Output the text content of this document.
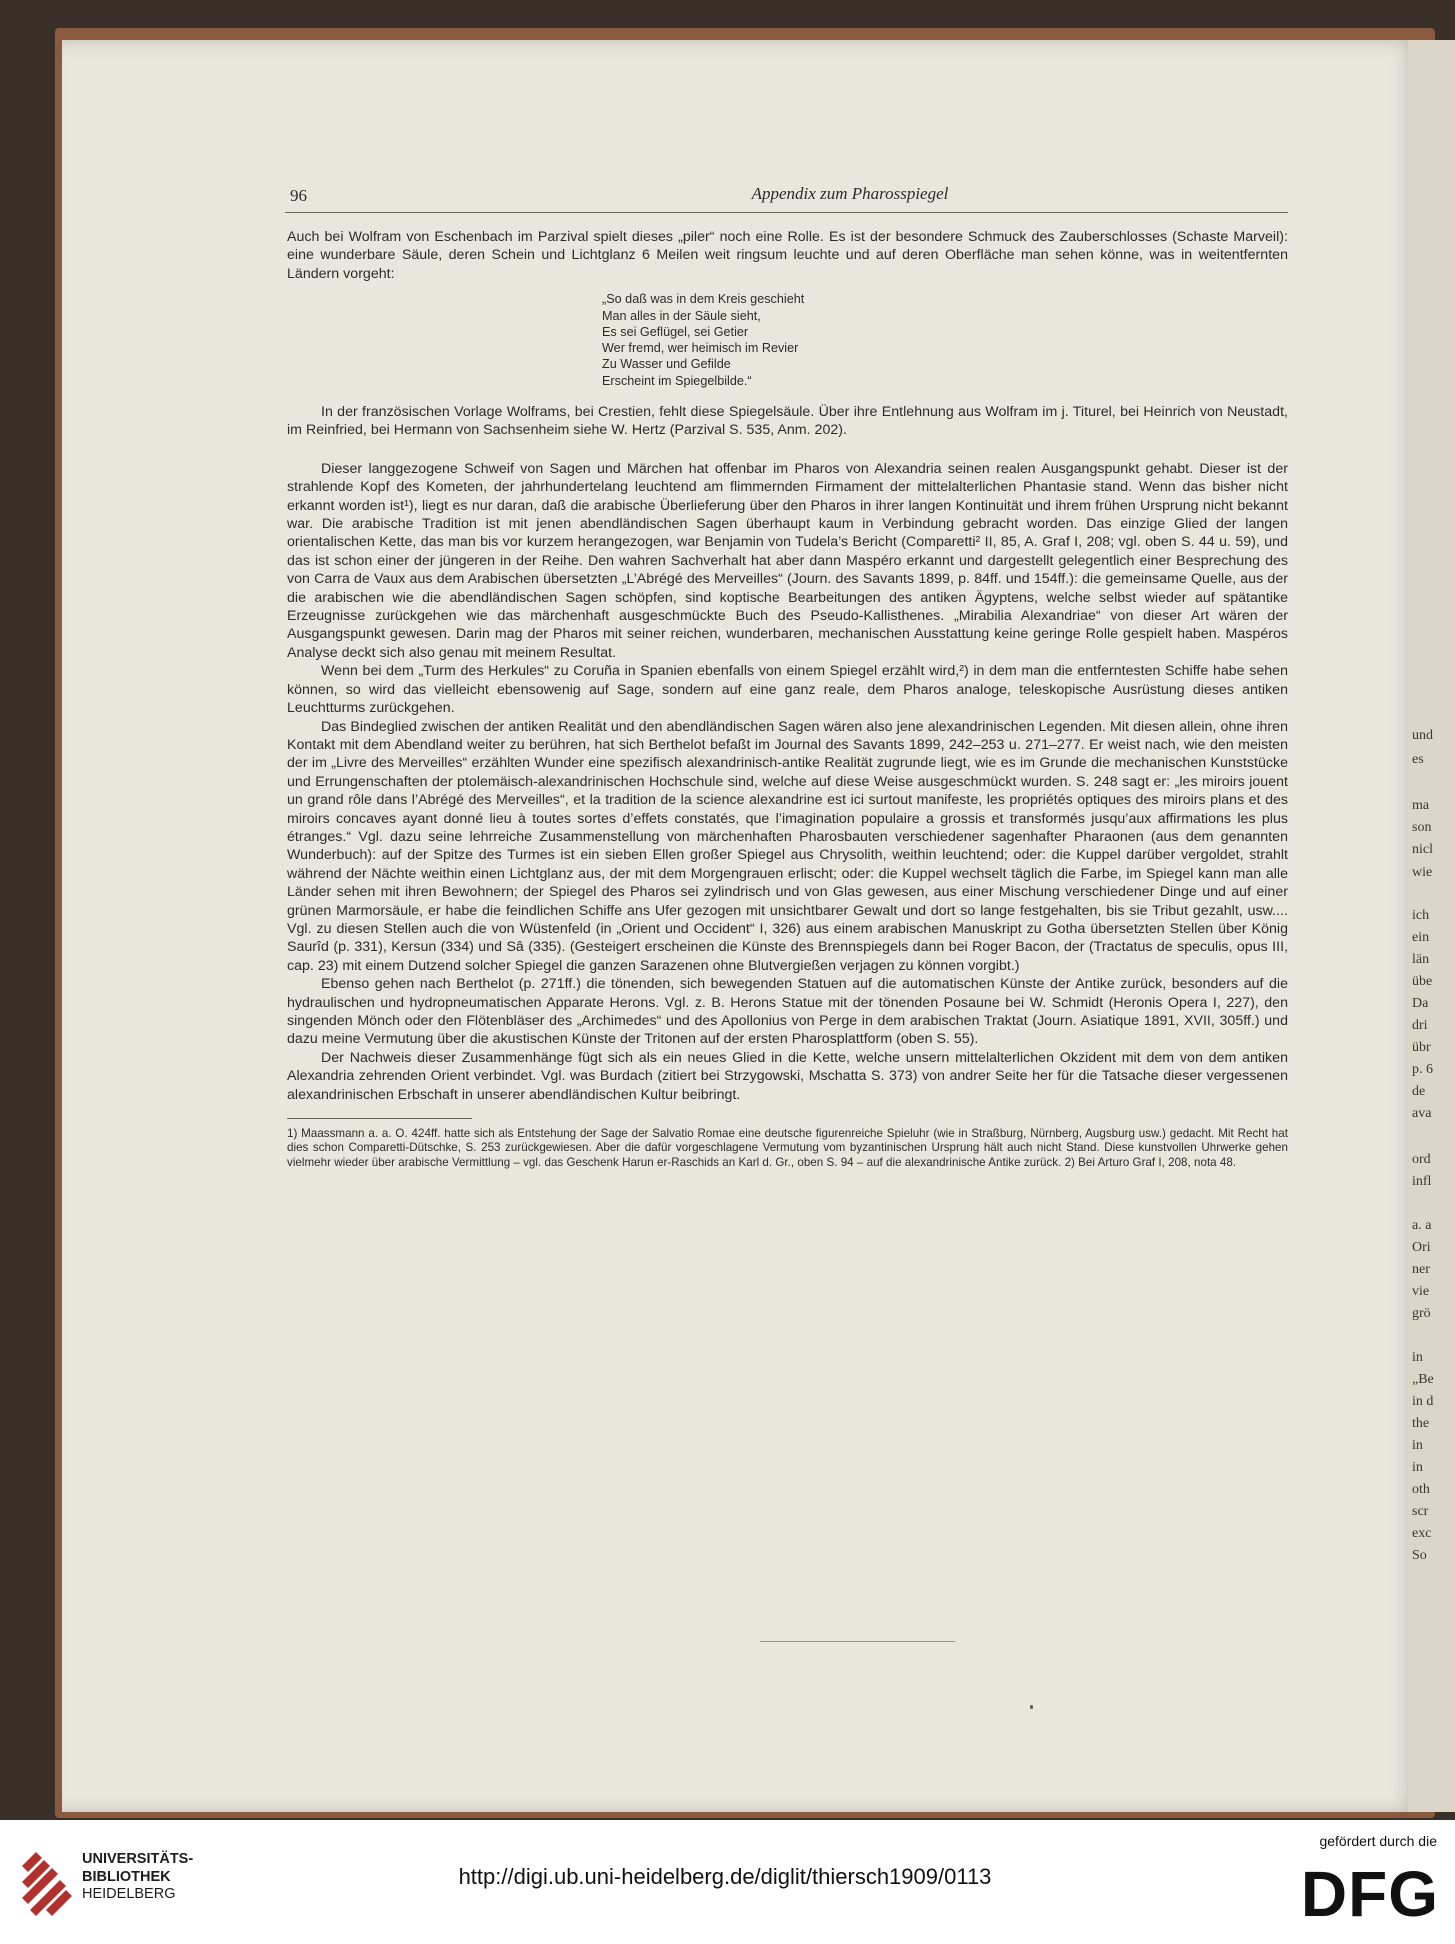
und
es
ma
son
nicl
wie
ich
ein
län
übe
Da
dri
übr
p. 6
de
ava
ord
infl
a. a
Ori
ner
vie
grö
in
„Be
in d
the
in
in
oth
scr
exc
So
96	Appendix zum Pharosspiegel

Auch bei Wolfram von Eschenbach im Parzival spielt dieses „piler“ noch eine Rolle. Es ist der besondere Schmuck des Zauberschlosses (Schaste Marveil): eine wunderbare Säule, deren Schein und Lichtglanz 6 Meilen weit ringsum leuchte und auf deren Oberfläche man sehen könne, was in weitentfernten Ländern vorgeht:

„So daß was in dem Kreis geschieht
Man alles in der Säule sieht,
Es sei Geflügel, sei Getier
Wer fremd, wer heimisch im Revier
Zu Wasser und Gefilde
Erscheint im Spiegelbilde.“

In der französischen Vorlage Wolframs, bei Crestien, fehlt diese Spiegelsäule. Über ihre Entlehnung aus Wolfram im j. Titurel, bei Heinrich von Neustadt, im Reinfried, bei Hermann von Sachsenheim siehe W. Hertz (Parzival S. 535, Anm. 202).

Dieser langgezogene Schweif von Sagen und Märchen hat offenbar im Pharos von Alexandria seinen realen Ausgangspunkt gehabt. Dieser ist der strahlende Kopf des Kometen, der jahrhundertelang leuchtend am flimmernden Firmament der mittelalterlichen Phantasie stand. Wenn das bisher nicht erkannt worden ist¹), liegt es nur daran, daß die arabische Überlieferung über den Pharos in ihrer langen Kontinuität und ihrem frühen Ursprung nicht bekannt war. Die arabische Tradition ist mit jenen abendländischen Sagen überhaupt kaum in Verbindung gebracht worden. Das einzige Glied der langen orientalischen Kette, das man bis vor kurzem herangezogen, war Benjamin von Tudela’s Bericht (Comparetti² II, 85, A. Graf I, 208; vgl. oben S. 44 u. 59), und das ist schon einer der jüngeren in der Reihe. Den wahren Sachverhalt hat aber dann Maspéro erkannt und dargestellt gelegentlich einer Besprechung des von Carra de Vaux aus dem Arabischen übersetzten „L’Abrégé des Merveilles“ (Journ. des Savants 1899, p. 84ff. und 154ff.): die gemeinsame Quelle, aus der die arabischen wie die abendländischen Sagen schöpfen, sind koptische Bearbeitungen des antiken Ägyptens, welche selbst wieder auf spätantike Erzeugnisse zurückgehen wie das märchenhaft ausgeschmückte Buch des Pseudo-Kallisthenes. „Mirabilia Alexandriae“ von dieser Art wären der Ausgangspunkt gewesen. Darin mag der Pharos mit seiner reichen, wunderbaren, mechanischen Ausstattung keine geringe Rolle gespielt haben. Maspéros Analyse deckt sich also genau mit meinem Resultat.

Wenn bei dem „Turm des Herkules“ zu Coruña in Spanien ebenfalls von einem Spiegel erzählt wird,²) in dem man die entferntesten Schiffe habe sehen können, so wird das vielleicht ebensowenig auf Sage, sondern auf eine ganz reale, dem Pharos analoge, teleskopische Ausrüstung dieses antiken Leuchtturms zurückgehen.

Das Bindeglied zwischen der antiken Realität und den abendländischen Sagen wären also jene alexandrinischen Legenden. Mit diesen allein, ohne ihren Kontakt mit dem Abendland weiter zu berühren, hat sich Berthelot befaßt im Journal des Savants 1899, 242–253 u. 271–277. Er weist nach, wie den meisten der im „Livre des Merveilles“ erzählten Wunder eine spezifisch alexandrinisch-antike Realität zugrunde liegt, wie es im Grunde die mechanischen Kunststücke und Errungenschaften der ptolemäisch-alexandrinischen Hochschule sind, welche auf diese Weise ausgeschmückt wurden. S. 248 sagt er: „les miroirs jouent un grand rôle dans l’Abrégé des Merveilles“, et la tradition de la science alexandrine est ici surtout manifeste, les propriétés optiques des miroirs plans et des miroirs concaves ayant donné lieu à toutes sortes d’effets constatés, que l’imagination populaire a grossis et transformés jusqu’aux affirmations les plus étranges.“ Vgl. dazu seine lehrreiche Zusammenstellung von märchenhaften Pharosbauten verschiedener sagenhafter Pharaonen (aus dem genannten Wunderbuch): auf der Spitze des Turmes ist ein sieben Ellen großer Spiegel aus Chrysolith, weithin leuchtend; oder: die Kuppel darüber vergoldet, strahlt während der Nächte weithin einen Lichtglanz aus, der mit dem Morgengrauen erlischt; oder: die Kuppel wechselt täglich die Farbe, im Spiegel kann man alle Länder sehen mit ihren Bewohnern; der Spiegel des Pharos sei zylindrisch und von Glas gewesen, aus einer Mischung verschiedener Dinge und auf einer grünen Marmorsäule, er habe die feindlichen Schiffe ans Ufer gezogen mit unsichtbarer Gewalt und dort so lange festgehalten, bis sie Tribut gezahlt, usw.... Vgl. zu diesen Stellen auch die von Wüstenfeld (in „Orient und Occident“ I, 326) aus einem arabischen Manuskript zu Gotha übersetzten Stellen über König Saurîd (p. 331), Kersun (334) und Sâ (335). (Gesteigert erscheinen die Künste des Brennspiegels dann bei Roger Bacon, der (Tractatus de speculis, opus III, cap. 23) mit einem Dutzend solcher Spiegel die ganzen Sarazenen ohne Blutvergießen verjagen zu können vorgibt.)

Ebenso gehen nach Berthelot (p. 271ff.) die tönenden, sich bewegenden Statuen auf die automatischen Künste der Antike zurück, besonders auf die hydraulischen und hydropneumatischen Apparate Herons. Vgl. z. B. Herons Statue mit der tönenden Posaune bei W. Schmidt (Heronis Opera I, 227), den singenden Mönch oder den Flötenbläser des „Archimedes“ und des Apollonius von Perge in dem arabischen Traktat (Journ. Asiatique 1891, XVII, 305ff.) und dazu meine Vermutung über die akustischen Künste der Tritonen auf der ersten Pharosplattform (oben S. 55).

Der Nachweis dieser Zusammenhänge fügt sich als ein neues Glied in die Kette, welche unsern mittelalterlichen Okzident mit dem von dem antiken Alexandria zehrenden Orient verbindet. Vgl. was Burdach (zitiert bei Strzygowski, Mschatta S. 373) von andrer Seite her für die Tatsache dieser vergessenen alexandrinischen Erbschaft in unserer abendländischen Kultur beibringt.

1) Maassmann a. a. O. 424ff. hatte sich als Entstehung der Sage der Salvatio Romae eine deutsche figurenreiche Spieluhr (wie in Straßburg, Nürnberg, Augsburg usw.) gedacht. Mit Recht hat dies schon Comparetti-Dütschke, S. 253 zurückgewiesen. Aber die dafür vorgeschlagene Vermutung vom byzantinischen Ursprung hält auch nicht Stand. Diese kunstvollen Uhrwerke gehen vielmehr wieder über arabische Vermittlung – vgl. das Geschenk Harun er-Raschids an Karl d. Gr., oben S. 94 – auf die alexandrinische Antike zurück. 2) Bei Arturo Graf I, 208, nota 48.

UNIVERSITÄTS-
BIBLIOTHEK
HEIDELBERG
http://digi.ub.uni-heidelberg.de/diglit/thiersch1909/0113
gefördert durch die
DFG
